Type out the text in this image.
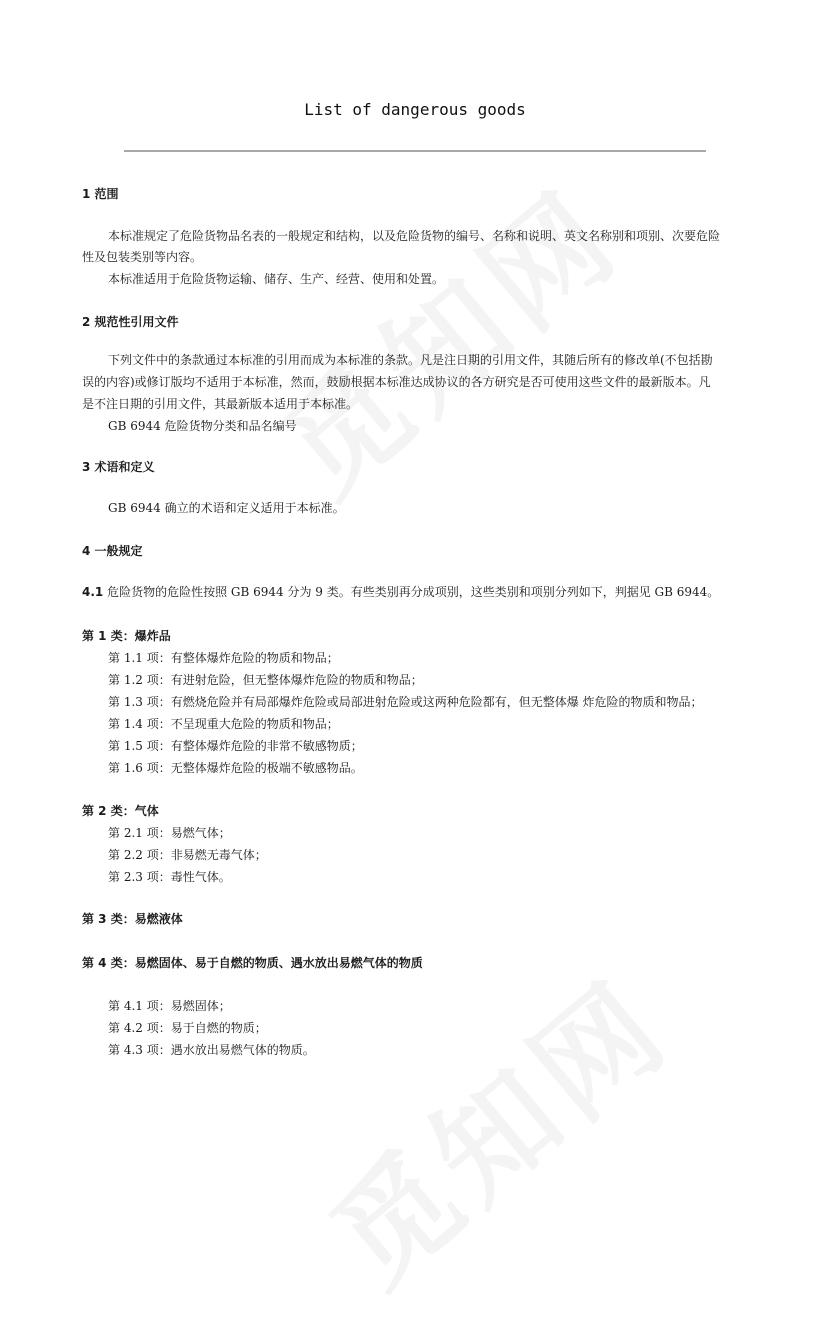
List of dangerous goods
1 范围
本标准规定了危险货物品名表的一般规定和结构，以及危险货物的编号、名称和说明、英文名称别和项别、次要危险
性及包装类别等内容。
本标准适用于危险货物运输、储存、生产、经营、使用和处置。
2 规范性引用文件
下列文件中的条款通过本标准的引用而成为本标准的条款。凡是注日期的引用文件，其随后所有的修改单(不包括勘
误的内容)或修订版均不适用于本标准，然而，鼓励根据本标准达成协议的各方研究是否可使用这些文件的最新版本。凡
是不注日期的引用文件，其最新版本适用于本标准。
GB 6944 危险货物分类和品名编号
3 术语和定义
GB 6944 确立的术语和定义适用于本标准。
4 一般规定
4.1 危险货物的危险性按照 GB 6944 分为 9 类。有些类别再分成项别，这些类别和项别分列如下，判据见 GB 6944。
第 1 类：爆炸品
第 1.1 项：有整体爆炸危险的物质和物品；
第 1.2 项：有进射危险，但无整体爆炸危险的物质和物品；
第 1.3 项：有燃烧危险并有局部爆炸危险或局部进射危险或这两种危险都有，但无整体爆 炸危险的物质和物品；
第 1.4 项：不呈现重大危险的物质和物品；
第 1.5 项：有整体爆炸危险的非常不敏感物质；
第 1.6 项：无整体爆炸危险的极端不敏感物品。
第 2 类：气体
第 2.1 项：易燃气体；
第 2.2 项：非易燃无毒气体；
第 2.3 项：毒性气体。
第 3 类：易燃液体
第 4 类：易燃固体、易于自燃的物质、遇水放出易燃气体的物质
第 4.1 项：易燃固体；
第 4.2 项：易于自燃的物质；
第 4.3 项：遇水放出易燃气体的物质。
